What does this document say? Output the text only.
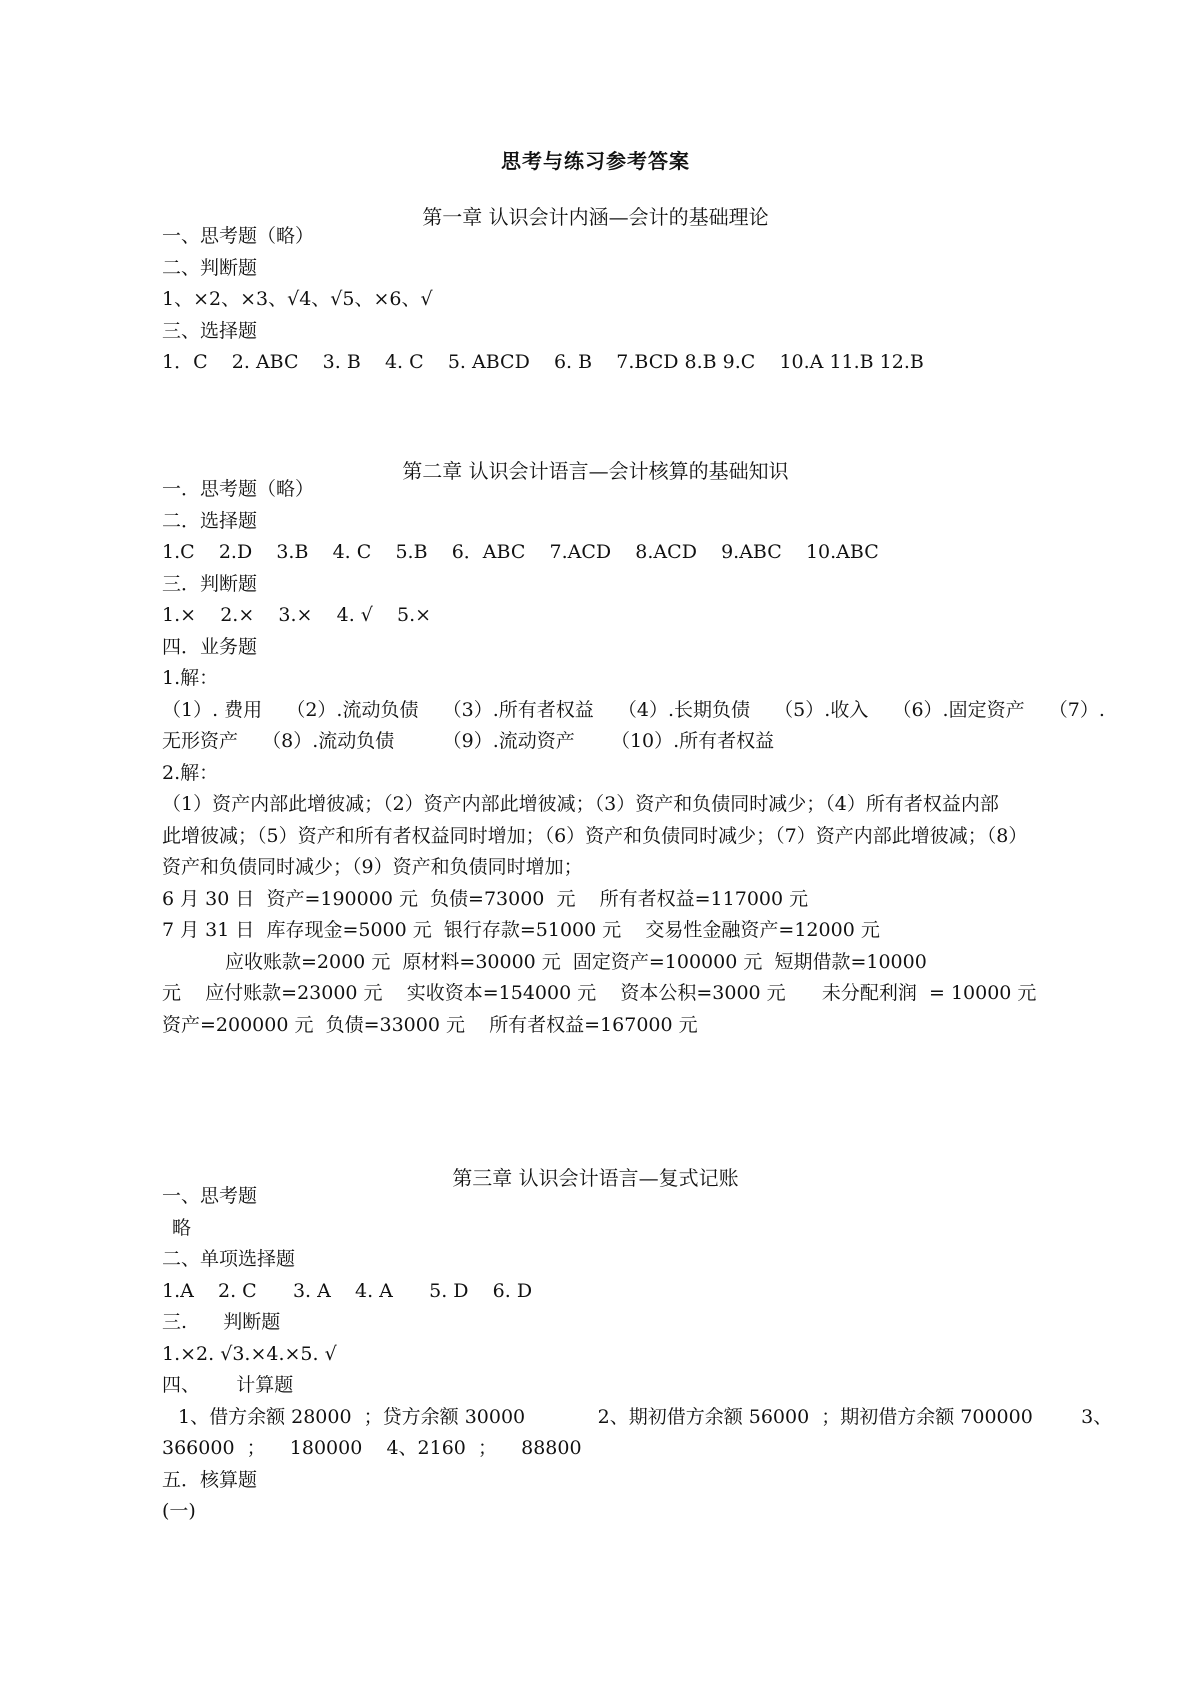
思考与练习参考答案
第一章 认识会计内涵—会计的基础理论
一、思考题（略）
二、判断题
1、×2、×3、√4、√5、×6、√
三、选择题
1．C    2. ABC    3. B    4. C    5. ABCD    6. B    7.BCD 8.B 9.C    10.A 11.B 12.B
第二章 认识会计语言—会计核算的基础知识
一．思考题（略）
二．选择题
1.C    2.D    3.B    4. C    5.B    6．ABC    7.ACD    8.ACD    9.ABC    10.ABC
三．判断题
1.×    2.×    3.×    4. √    5.×
四．业务题
1.解：
（1）. 费用    （2）.流动负债    （3）.所有者权益    （4）.长期负债    （5）.收入    （6）.固定资产    （7）.
无形资产    （8）.流动负债        （9）.流动资产      （10）.所有者权益
2.解：
（1）资产内部此增彼减；（2）资产内部此增彼减；（3）资产和负债同时减少；（4）所有者权益内部
此增彼减；（5）资产和所有者权益同时增加；（6）资产和负债同时减少；（7）资产内部此增彼减；（8）
资产和负债同时减少；（9）资产和负债同时增加；
6 月 30 日  资产=190000 元  负债=73000  元    所有者权益=117000 元
7 月 31 日  库存现金=5000 元  银行存款=51000 元    交易性金融资产=12000 元
应收账款=2000 元  原材料=30000 元  固定资产=100000 元  短期借款=10000
元    应付账款=23000 元    实收资本=154000 元    资本公积=3000 元      未分配利润  = 10000 元
资产=200000 元  负债=33000 元    所有者权益=167000 元
第三章 认识会计语言—复式记账
一、思考题
略
二、单项选择题
1.A    2. C      3. A    4. A      5. D    6. D
三.      判断题
1.×2. √3.×4.×5. √
四、      计算题
1、借方余额 28000  ；贷方余额 30000            2、期初借方余额 56000  ；期初借方余额 700000        3、
366000  ；    180000    4、2160  ；    88800
五．核算题
(一)
